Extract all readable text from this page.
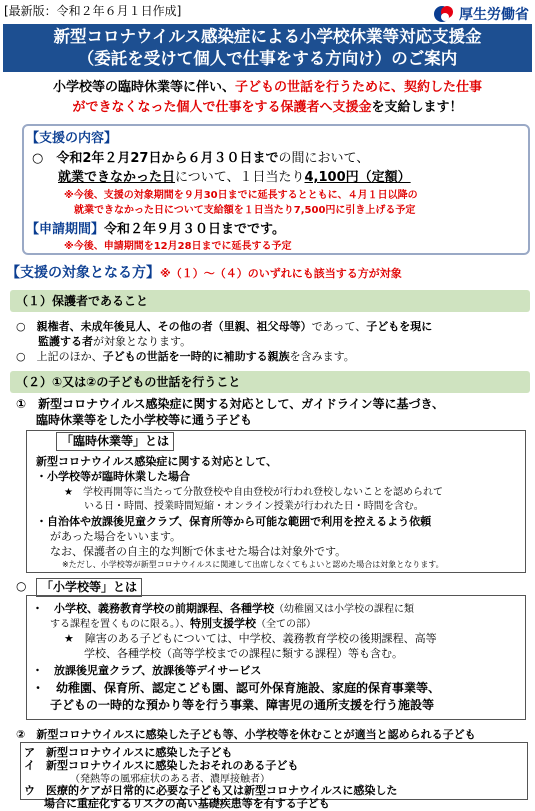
[最新版：令和２年６月１日作成]	厚生労働省
新型コロナウイルス感染症による小学校休業等対応支援金
（委託を受けて個人で仕事をする方向け）のご案内
小学校等の臨時休業等に伴い、子どもの世話を行うために、契約した仕事
ができなくなった個人で仕事をする保護者へ支援金を支給します！
【支援の内容】
○　令和2年２月27日から６月３０日までの間において、
就業できなかった日について、１日当たり4,100円（定額）
※今後、支援の対象期間を９月30日までに延長するとともに、４月１日以降の
就業できなかった日について支給額を１日当たり7,500円に引き上げる予定
【申請期間】令和２年９月３０日までです。
※今後、申請期間を12月28日までに延長する予定
【支援の対象となる方】※（１）～（４）のいずれにも該当する方が対象
（１）保護者であること
○　親権者、未成年後見人、その他の者（里親、祖父母等）であって、子どもを現に
監護する者が対象となります。
○　上記のほか、子どもの世話を一時的に補助する親族を含みます。
（２）①又は②の子どもの世話を行うこと
①　新型コロナウイルス感染症に関する対応として、ガイドライン等に基づき、
臨時休業等をした小学校等に通う子ども
「臨時休業等」とは
新型コロナウイルス感染症に関する対応として、
・小学校等が臨時休業した場合
★　学校再開等に当たって分散登校や自由登校が行われ登校しないことを認められて
いる日・時間、授業時間短縮・オンライン授業が行われた日・時間を含む。
・自治体や放課後児童クラブ、保育所等から可能な範囲で利用を控えるよう依頼
があった場合をいいます。
なお、保護者の自主的な判断で休ませた場合は対象外です。
※ただし、小学校等が新型コロナウイルスに関連して出席しなくてもよいと認めた場合は対象となります。
○	「小学校等」とは
・　小学校、義務教育学校の前期課程、各種学校（幼稚園又は小学校の課程に類
する課程を置くものに限る。）、特別支援学校（全ての部）
★　障害のある子どもについては、中学校、義務教育学校の後期課程、高等
学校、各種学校（高等学校までの課程に類する課程）等も含む。
・　放課後児童クラブ、放課後等デイサービス
・　幼稚園、保育所、認定こども園、認可外保育施設、家庭的保育事業等、
子どもの一時的な預かり等を行う事業、障害児の通所支援を行う施設等
②　新型コロナウイルスに感染した子ども等、小学校等を休むことが適当と認められる子ども
ア　新型コロナウイルスに感染した子ども
イ　新型コロナウイルスに感染したおそれのある子ども
（発熱等の風邪症状のある者、濃厚接触者）
ウ　医療的ケアが日常的に必要な子ども又は新型コロナウイルスに感染した
場合に重症化するリスクの高い基礎疾患等を有する子ども
